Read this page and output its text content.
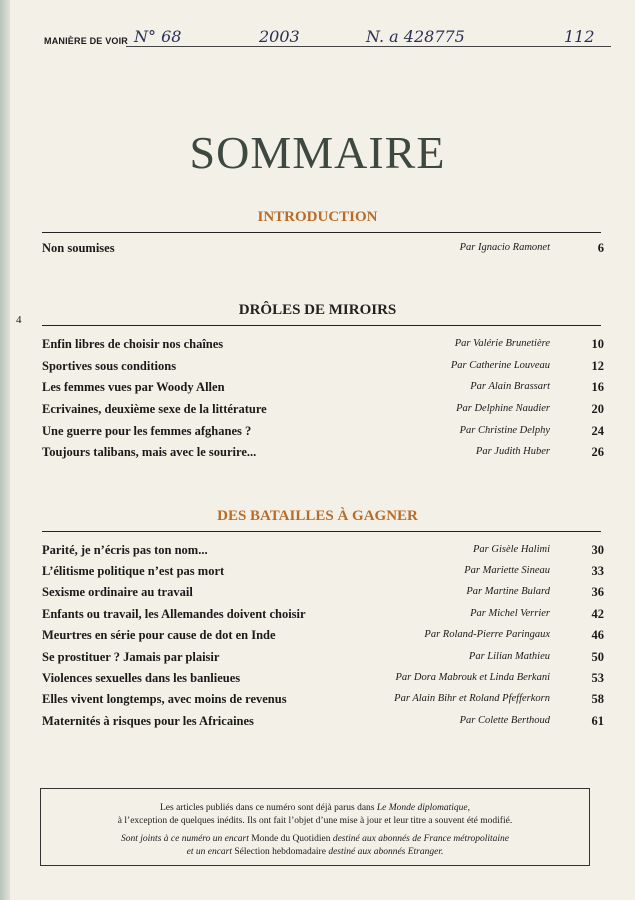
MANIÈRE DE VOIR N° 68	2003	N. a 428775	112
SOMMAIRE
INTRODUCTION
Non soumises	Par Ignacio Ramonet	6
DRÔLES DE MIROIRS
4
Enfin libres de choisir nos chaînes	Par Valérie Brunetière	10
Sportives sous conditions	Par Catherine Louveau	12
Les femmes vues par Woody Allen	Par Alain Brassart	16
Ecrivaines, deuxième sexe de la littérature	Par Delphine Naudier	20
Une guerre pour les femmes afghanes ?	Par Christine Delphy	24
Toujours talibans, mais avec le sourire...	Par Judith Huber	26
DES BATAILLES À GAGNER
Parité, je n’écris pas ton nom...	Par Gisèle Halimi	30
L’élitisme politique n’est pas mort	Par Mariette Sineau	33
Sexisme ordinaire au travail	Par Martine Bulard	36
Enfants ou travail, les Allemandes doivent choisir	Par Michel Verrier	42
Meurtres en série pour cause de dot en Inde	Par Roland-Pierre Paringaux	46
Se prostituer ? Jamais par plaisir	Par Lilian Mathieu	50
Violences sexuelles dans les banlieues	Par Dora Mabrouk et Linda Berkani	53
Elles vivent longtemps, avec moins de revenus	Par Alain Bihr et Roland Pfefferkorn	58
Maternités à risques pour les Africaines	Par Colette Berthoud	61

Les articles publiés dans ce numéro sont déjà parus dans Le Monde diplomatique,

à l’exception de quelques inédits. Ils ont fait l’objet d’une mise à jour et leur titre a souvent été modifié.

Sont joints à ce numéro un encart Monde du Quotidien destiné aux abonnés de France métropolitaine

et un encart Sélection hebdomadaire destiné aux abonnés Etranger.
